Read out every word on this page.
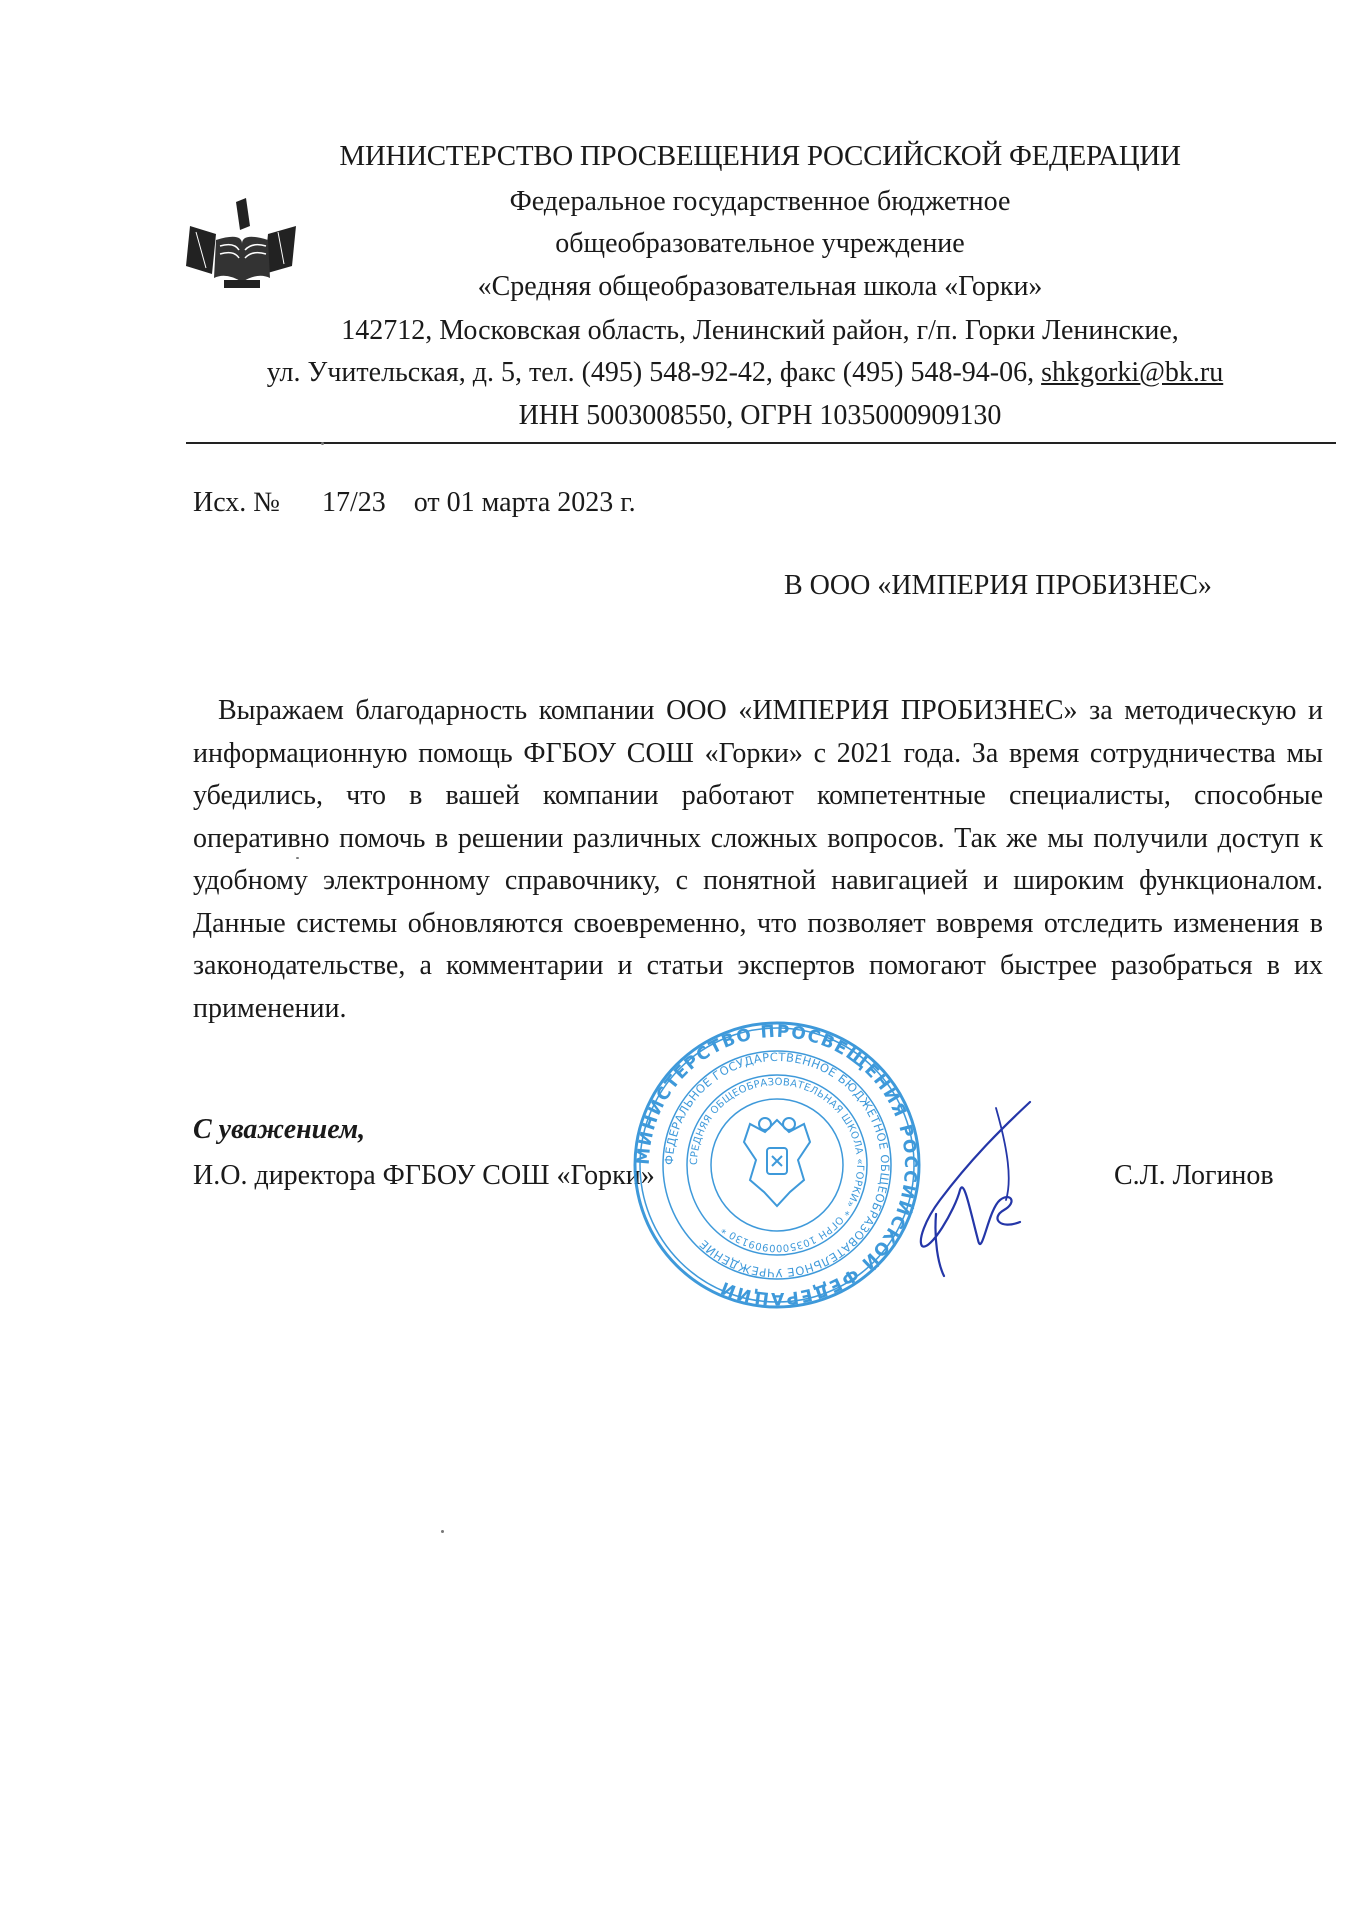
МИНИСТЕРСТВО ПРОСВЕЩЕНИЯ РОССИЙСКОЙ ФЕДЕРАЦИИ
Федеральное государственное бюджетное
общеобразовательное учреждение
«Средняя общеобразовательная школа «Горки»
142712, Московская область, Ленинский район, г/п. Горки Ленинские,
ул. Учительская, д. 5, тел. (495) 548-92-42, факс (495) 548-94-06, shkgorki@bk.ru
ИНН 5003008550, ОГРН 1035000909130
Исх. № 17/23 от 01 марта 2023 г.
В ООО «ИМПЕРИЯ ПРОБИЗНЕС»

Выражаем благодарность компании ООО «ИМПЕРИЯ ПРОБИЗНЕС» за методическую и информационную помощь ФГБОУ СОШ «Горки» с 2021 года. За время сотрудничества мы убедились, что в вашей компании работают компетентные специалисты, способные оперативно помочь в решении различных сложных вопросов. Так же мы получили доступ к удобному электронному справочнику, с понятной навигацией и широким функционалом. Данные системы обновляются своевременно, что позволяет вовремя отследить изменения в законодательстве, а комментарии и статьи экспертов помогают быстрее разобраться в их применении.

С уважением,
И.О. директора ФГБОУ СОШ «Горки»	С.Л. Логинов
МИНИСТЕРСТВО ПРОСВЕЩЕНИЯ РОССИЙСКОЙ ФЕДЕРАЦИИ
ФЕДЕРАЛЬНОЕ ГОСУДАРСТВЕННОЕ БЮДЖЕТНОЕ ОБЩЕОБРАЗОВАТЕЛЬНОЕ УЧРЕЖДЕНИЕ
СРЕДНЯЯ ОБЩЕОБРАЗОВАТЕЛЬНАЯ ШКОЛА «ГОРКИ» * ОГРН 1035000909130 *
